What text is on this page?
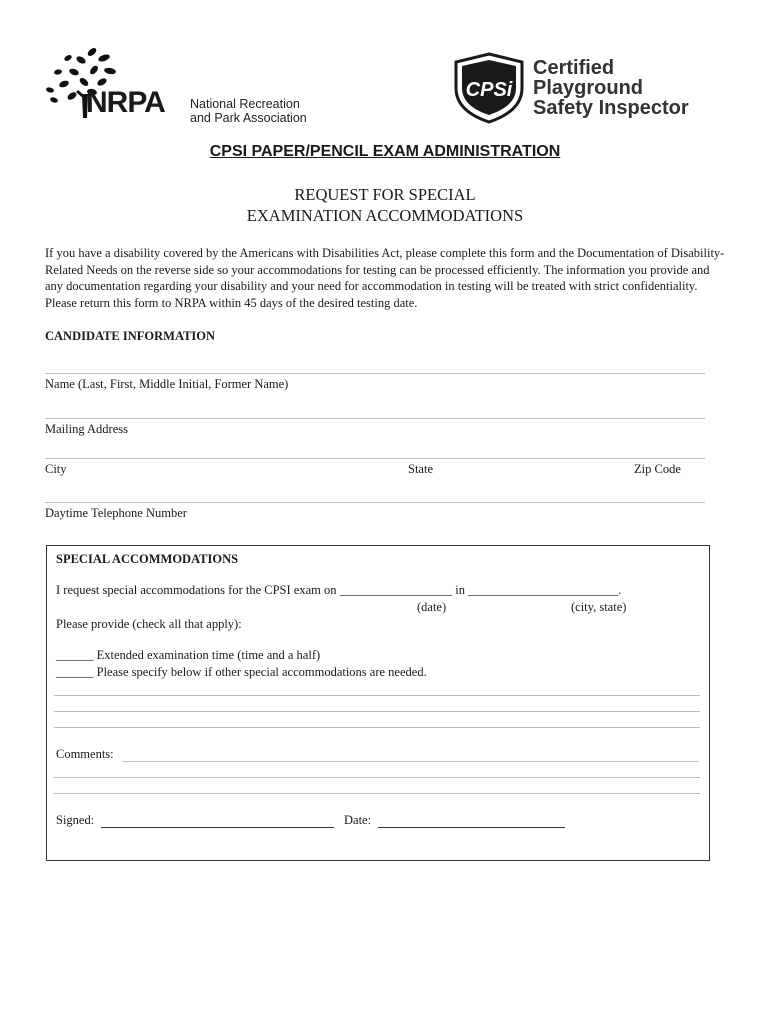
NRPA National Recreation
and Park Association
CPSi
Certified
Playground
Safety Inspector
CPSI PAPER/PENCIL EXAM ADMINISTRATION
REQUEST FOR SPECIAL
EXAMINATION ACCOMMODATIONS
If you have a disability covered by the Americans with Disabilities Act, please complete this form and the Documentation of Disability-Related Needs on the reverse side so your accommodations for testing can be processed efficiently. The information you provide and any documentation regarding your disability and your need for accommodation in testing will be treated with strict confidentiality. Please return this form to NRPA within 45 days of the desired testing date.
CANDIDATE INFORMATION
Name (Last, First, Middle Initial, Former Name)
Mailing Address
City	State	Zip Code
Daytime Telephone Number
SPECIAL ACCOMMODATIONS
I request special accommodations for the CPSI exam on __________________ in ________________________.
(date)	(city, state)
Please provide (check all that apply):
______ Extended examination time (time and a half)
______ Please specify below if other special accommodations are needed.
Comments:
Signed:	Date:
